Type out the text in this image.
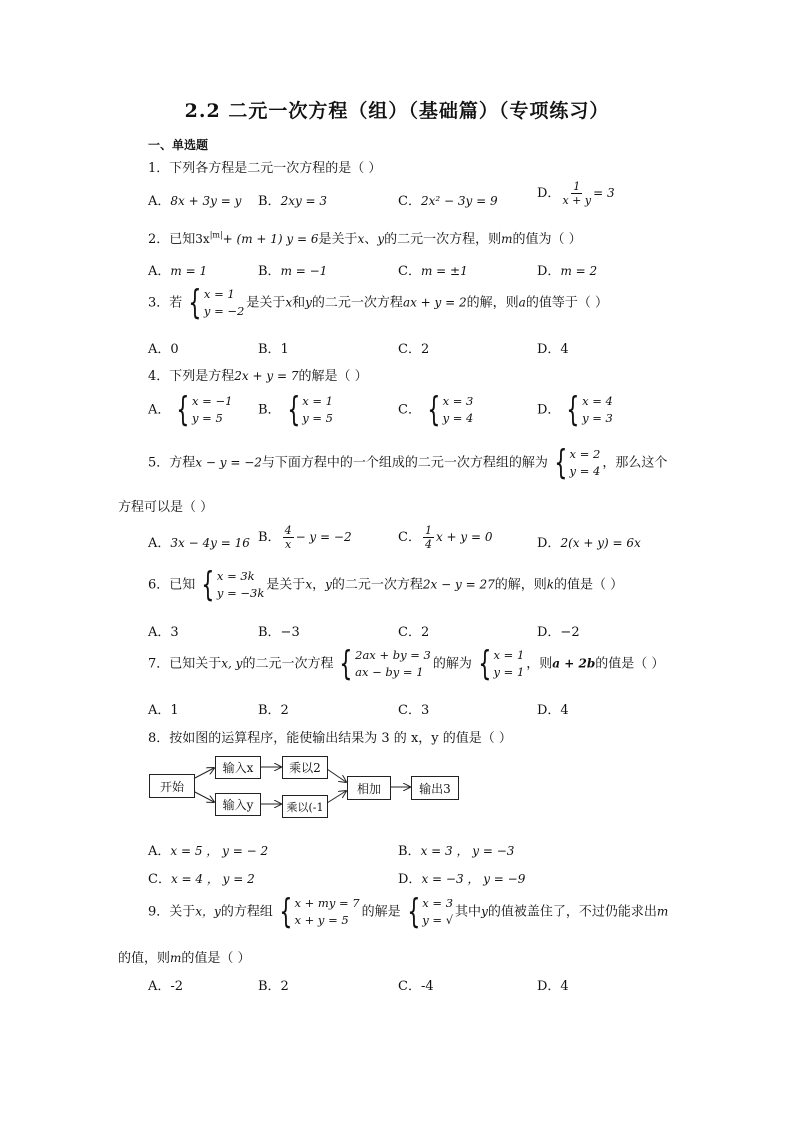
2.2 二元一次方程（组）（基础篇）（专项练习）
一、单选题
1．下列各方程是二元一次方程的是（ ）
A．8x + 3y = y B．2xy = 3	C．2x² − 3y = 9	D． $\frac{1}{x + y} = 3$
2．已知$3x^{|m|}+ (m + 1) y = 6$是关于x、y的二元一次方程，则m的值为（ ）
A．m = 1	B．m = −1	C．m = ±1	D．m = 2
3．若 { x = 1
y = −2
是关于x和y的二元一次方程ax + y = 2的解，则a的值等于（ ）
A．0	B．1	C．2	D．4
4．下列是方程2x + y = 7的解是（ ）
A． { x = −1
y = 5
B． { x = 1
y = 5
C． { x = 3
y = 4
D． { x = 4
y = 3
5．方程x − y = −2与下面方程中的一个组成的二元一次方程组的解为 { x = 2
y = 4
，那么这个
方程可以是（ ）
A．3x − 4y = 16 B． $\frac{4}{x} - y = -2$	C． $\frac{1}{4}$ x + y = 0	D．2(x + y) = 6x
6．已知 { x = 3k
y = −3k
是关于x，y的二元一次方程2x − y = 27的解，则k的值是（ ）
A．3	B．−3	C．2	D．−2
7．已知关于x, y的二元一次方程 { 2ax + by = 3
ax − by = 1
的解为 { x = 1
y = 1
，则a + 2b的值是（ ）
A．1	B．2	C．3	D．4
8．按如图的运算程序，能使输出结果为 3 的 x，y 的值是（ ）
开始
输入x	乘以2
输入y	乘以(-1
相加	输出3
A．x = 5 ， y = − 2	B．x = 3 ， y = −3
C．x = 4 ， y = 2	D．x = −3 ， y = −9
9．关于x，y的方程组 { x + my = 7
x + y = 5
的解是 { x = 3
y = √
其中y的值被盖住了，不过仍能求出m
的值，则m的值是（ ）
A．-2	B．2	C．-4	D．4
